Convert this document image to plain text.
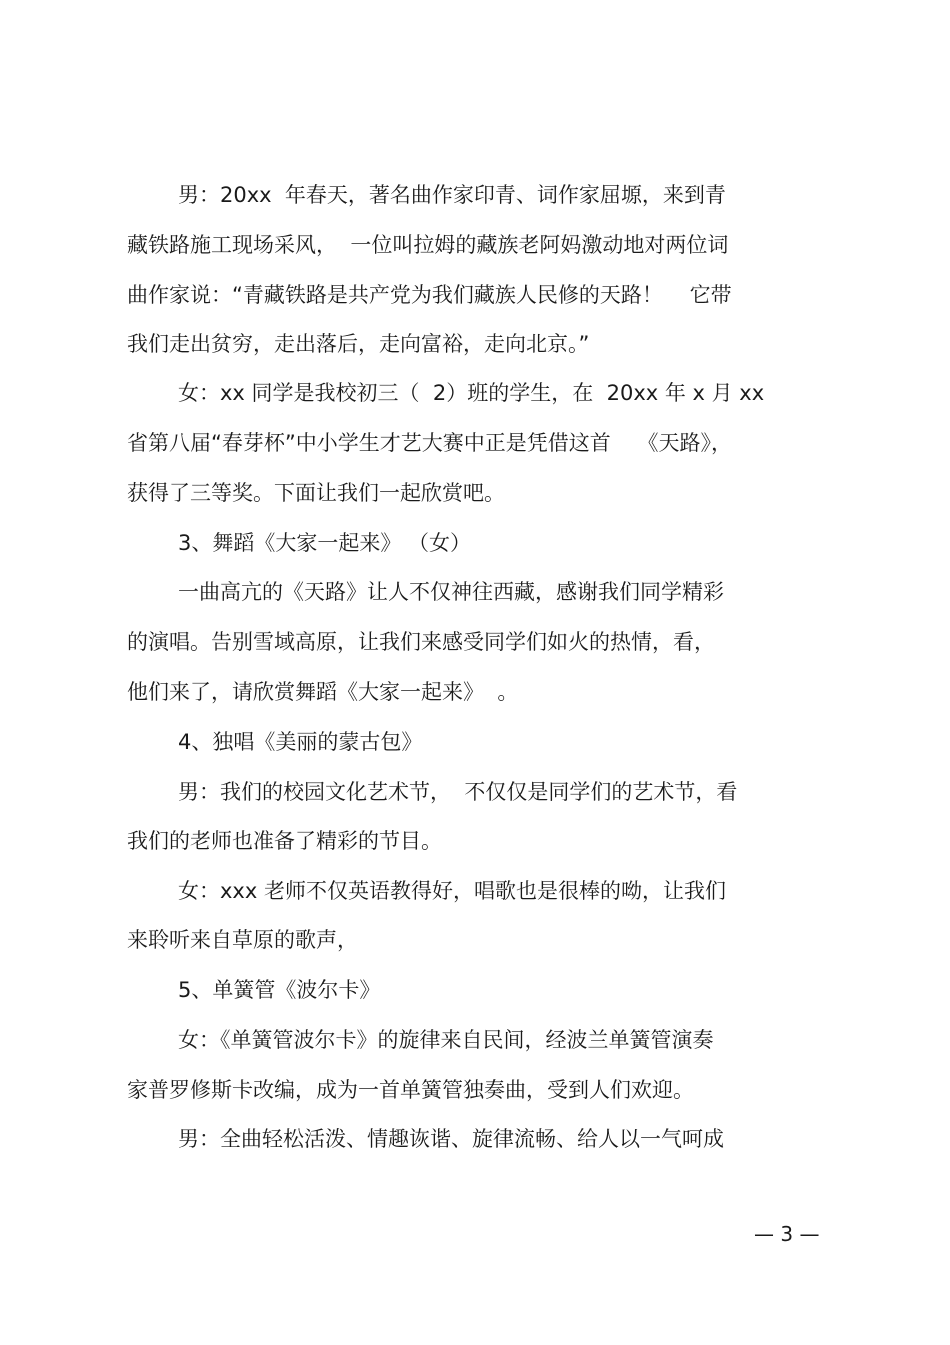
男：20xx  年春天，著名曲作家印青、词作家屈塬，来到青
藏铁路施工现场采风，  一位叫拉姆的藏族老阿妈激动地对两位词
曲作家说：“青藏铁路是共产党为我们藏族人民修的天路！    它带
我们走出贫穷，走出落后，走向富裕，走向北京。”
女：xx 同学是我校初三（  2）班的学生，在  20xx 年 x 月 xx
省第八届“春芽杯”中小学生才艺大赛中正是凭借这首    《天路》，
获得了三等奖。下面让我们一起欣赏吧。
3、舞蹈《大家一起来》 （女）
一曲高亢的《天路》让人不仅神往西藏，感谢我们同学精彩
的演唱。告别雪域高原，让我们来感受同学们如火的热情，看，
他们来了，请欣赏舞蹈《大家一起来》  。
4、独唱《美丽的蒙古包》
男：我们的校园文化艺术节，  不仅仅是同学们的艺术节，看
我们的老师也准备了精彩的节目。
女：xxx 老师不仅英语教得好，唱歌也是很棒的呦，让我们
来聆听来自草原的歌声，
5、单簧管《波尔卡》
女：《单簧管波尔卡》的旋律来自民间，经波兰单簧管演奏
家普罗修斯卡改编，成为一首单簧管独奏曲，受到人们欢迎。
男：全曲轻松活泼、情趣诙谐、旋律流畅、给人以一气呵成
— 3 —
